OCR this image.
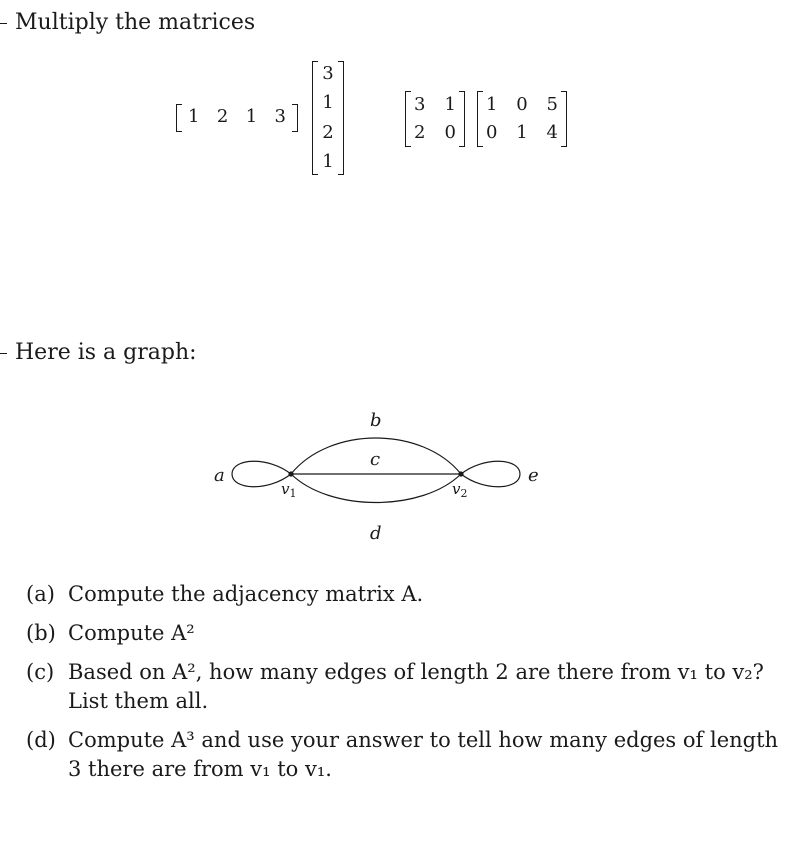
Multiply the matrices
1 2 1 3
3
1
2
1
3 1
2 0
1 0 5
0 1 4
Here is a graph:
a
b
c
d
e
$v_1$	$v_2$
(a) Compute the adjacency matrix A.
(b) Compute A²
(c) Based on A², how many edges of length 2 are there from v₁ to v₂?
List them all.
(d) Compute A³ and use your answer to tell how many edges of length
3 there are from v₁ to v₁.
